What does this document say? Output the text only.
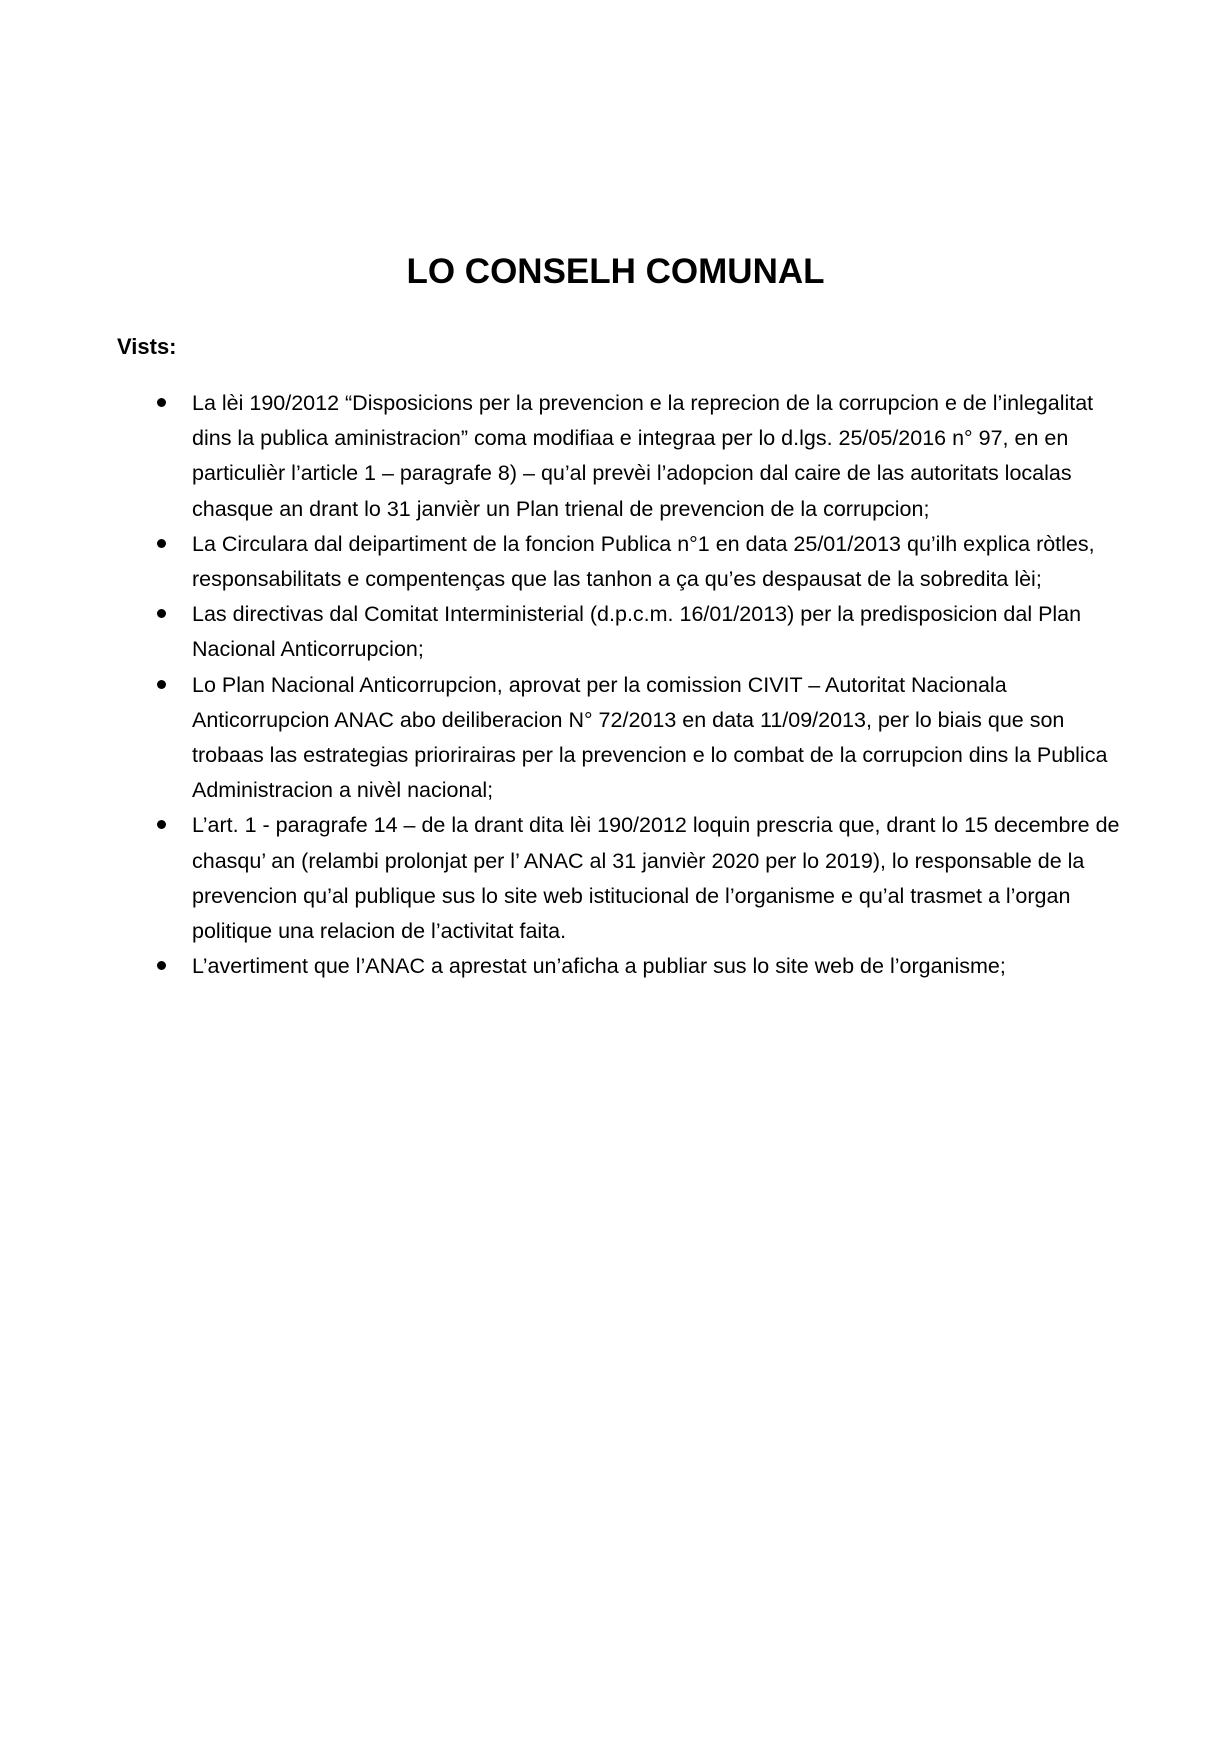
LO CONSELH COMUNAL

Vists:

La lèi 190/2012 “Disposicions per la prevencion e la reprecion de la corrupcion e de l’inlegalitat dins la publica aministracion” coma modifiaa e integraa per lo d.lgs. 25/05/2016 n° 97, en en particulièr l’article 1 – paragrafe 8) – qu’al prevèi l’adopcion dal caire de las autoritats localas chasque an drant lo 31 janvièr un Plan trienal de prevencion de la corrupcion;
La Circulara dal deipartiment de la foncion Publica n°1 en data 25/01/2013 qu’ilh explica ròtles, responsabilitats e compentenças que las tanhon a ça qu’es despausat de la sobredita lèi;
Las directivas dal Comitat Interministerial (d.p.c.m. 16/01/2013) per la predisposicion dal Plan Nacional Anticorrupcion;
Lo Plan Nacional Anticorrupcion, aprovat per la comission CIVIT – Autoritat Nacionala Anticorrupcion ANAC abo deiliberacion N° 72/2013 en data 11/09/2013, per lo biais que son trobaas las estrategias priorirairas per la prevencion e lo combat de la corrupcion dins la Publica Administracion a nivèl nacional;
L’art. 1 - paragrafe 14 – de la drant dita lèi 190/2012 loquin prescria que, drant lo 15 decembre de chasqu’ an (relambi prolonjat per l’ ANAC al 31 janvièr 2020 per lo 2019), lo responsable de la prevencion qu’al publique sus lo site web istitucional de l’organisme e qu’al trasmet a l’organ politique una relacion de l’activitat faita.
L’avertiment que l’ANAC a aprestat un’aficha a publiar sus lo site web de l’organisme;
